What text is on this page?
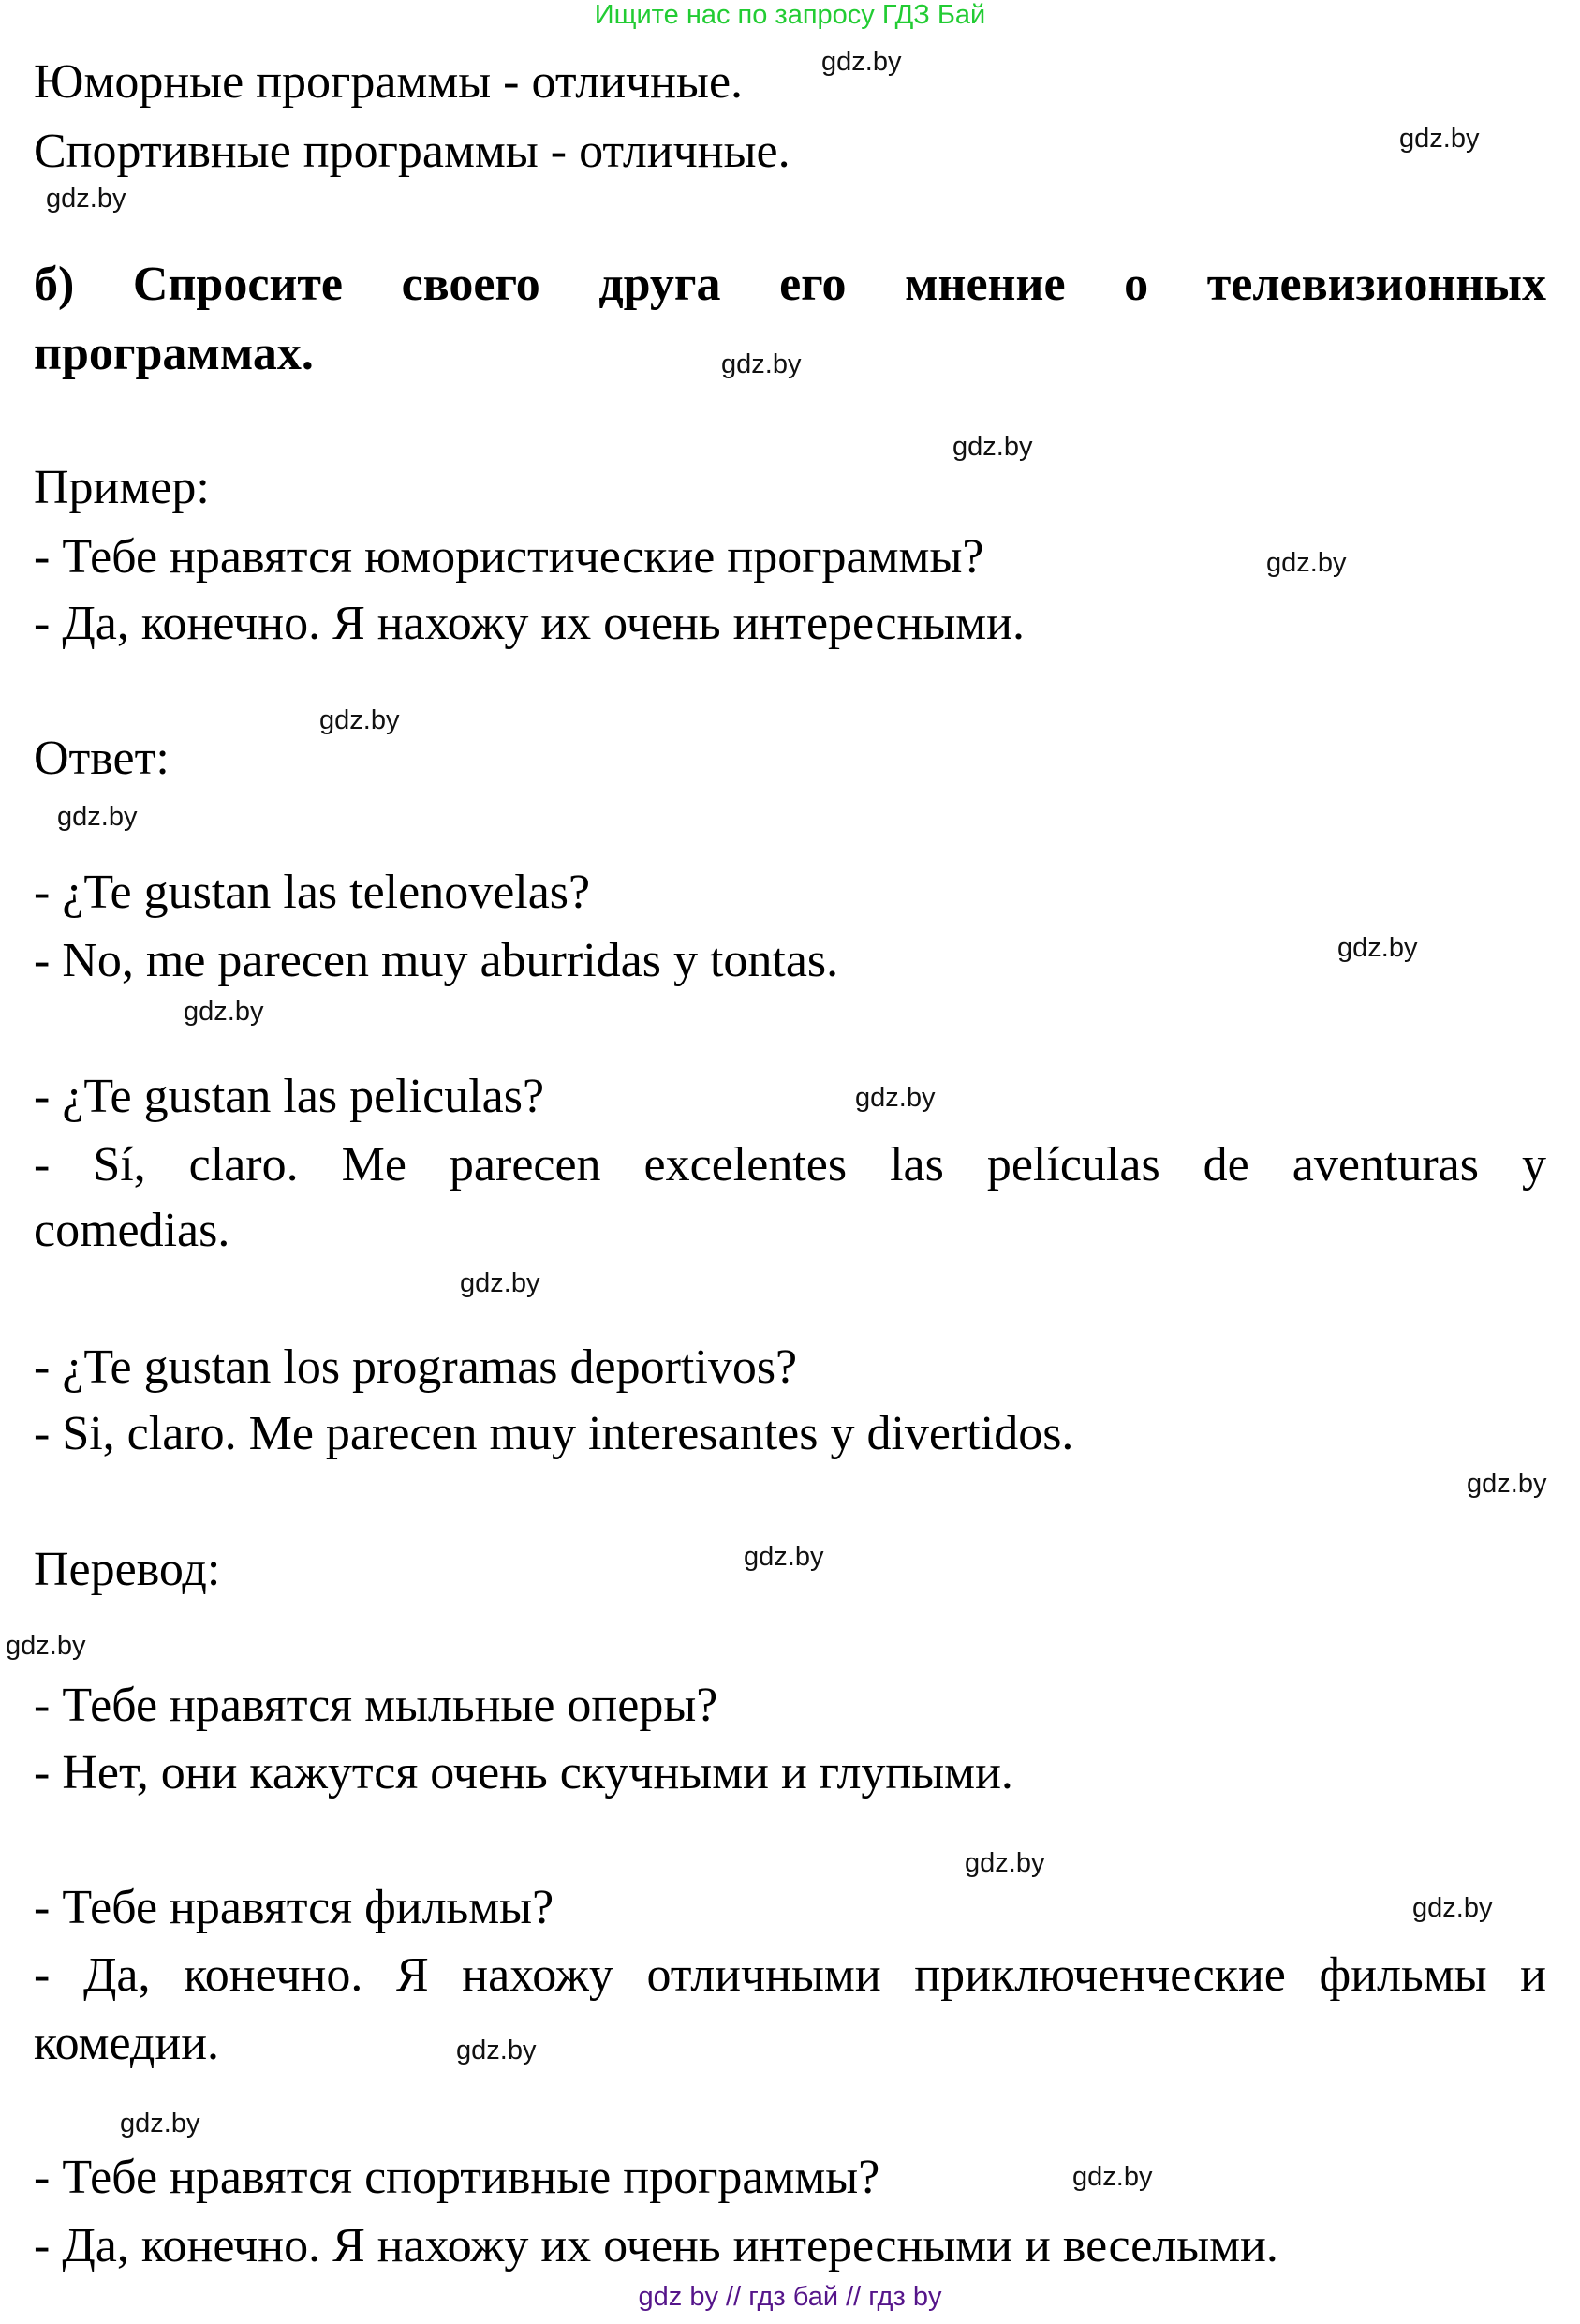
Ищите нас по запросу ГДЗ Бай
Юморные программы - отличные.
Спортивные программы - отличные.
б) Спросите своего друга его мнение о телевизионных
программах.
Пример:
- Тебе нравятся юмористические программы?
- Да, конечно. Я нахожу их очень интересными.
Ответ:
- ¿Te gustan las telenovelas?
- No, me parecen muy aburridas y tontas.
- ¿Te gustan las peliculas?
- Sí, claro. Me parecen excelentes las películas de aventuras y
comedias.
- ¿Te gustan los programas deportivos?
- Si, claro. Me parecen muy interesantes y divertidos.
Перевод:
- Тебе нравятся мыльные оперы?
- Нет, они кажутся очень скучными и глупыми.
- Тебе нравятся фильмы?
- Да, конечно. Я нахожу отличными приключенческие фильмы и
комедии.
- Тебе нравятся спортивные программы?
- Да, конечно. Я нахожу их очень интересными и веселыми.
gdz.by
gdz.by
gdz.by
gdz.by
gdz.by
gdz.by
gdz.by
gdz.by
gdz.by
gdz.by
gdz.by
gdz.by
gdz.by
gdz.by
gdz.by
gdz.by
gdz.by
gdz.by
gdz.by
gdz.by
gdz by // гдз бай // гдз by
